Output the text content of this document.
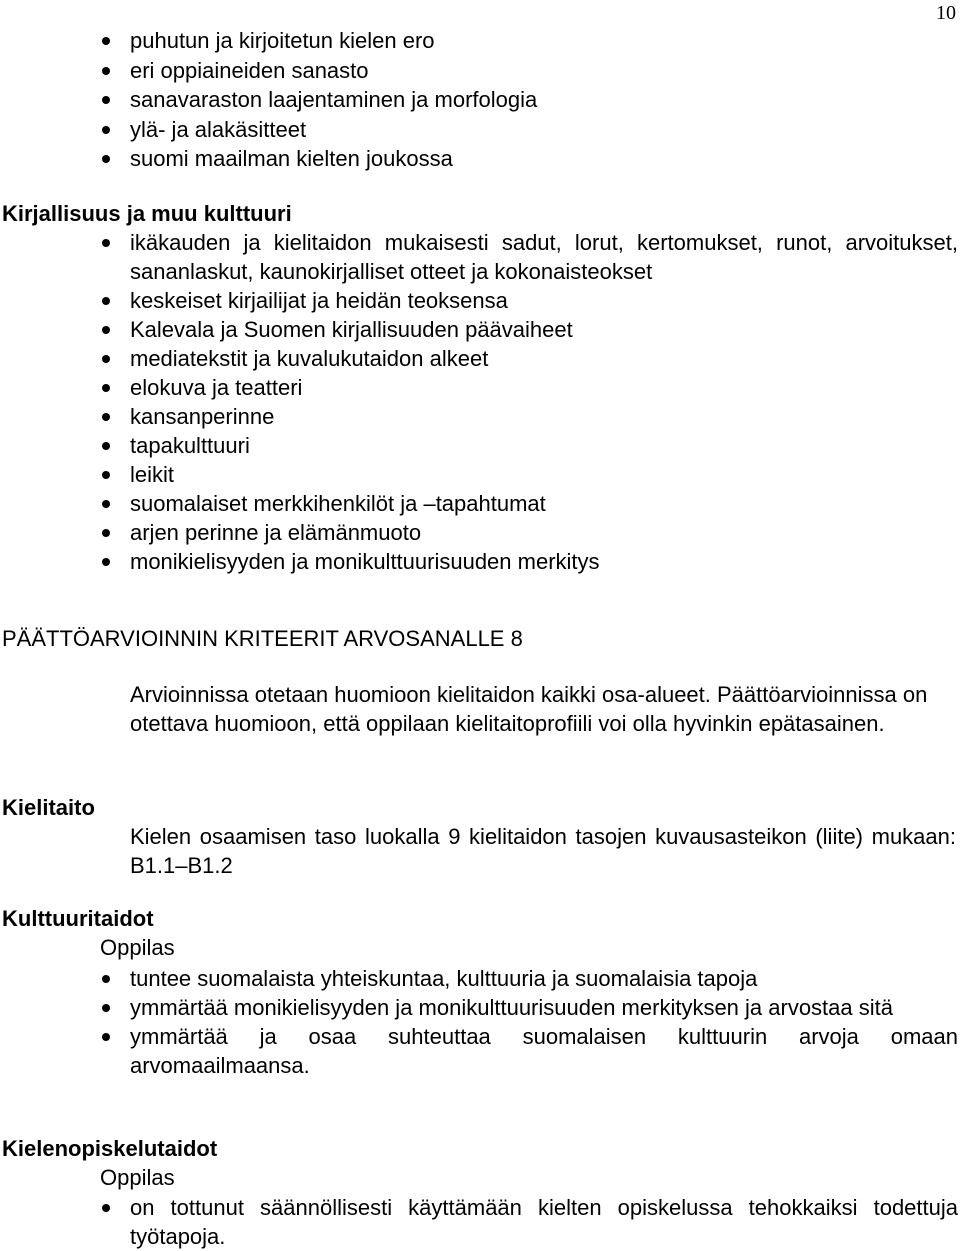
10

puhutun ja kirjoitetun kielen ero
eri oppiaineiden sanasto
sanavaraston laajentaminen ja morfologia
ylä- ja alakäsitteet
suomi maailman kielten joukossa

Kirjallisuus ja muu kulttuuri

ikäkauden ja kielitaidon mukaisesti sadut, lorut, kertomukset, runot, arvoitukset, sananlaskut, kaunokirjalliset otteet ja kokonaisteokset
keskeiset kirjailijat ja heidän teoksensa
Kalevala ja Suomen kirjallisuuden päävaiheet
mediatekstit ja kuvalukutaidon alkeet
elokuva ja teatteri
kansanperinne
tapakulttuuri
leikit
suomalaiset merkkihenkilöt ja –tapahtumat
arjen perinne ja elämänmuoto
monikielisyyden ja monikulttuurisuuden merkitys

PÄÄTTÖARVIOINNIN KRITEERIT ARVOSANALLE 8

Arvioinnissa otetaan huomioon kielitaidon kaikki osa-alueet. Päättöarvioinnissa on otettava huomioon, että oppilaan kielitaitoprofiili voi olla hyvinkin epätasainen.

Kielitaito

Kielen osaamisen taso luokalla 9 kielitaidon tasojen kuvausasteikon (liite) mukaan: B1.1–B1.2

Kulttuuritaidot

Oppilas

tuntee suomalaista yhteiskuntaa, kulttuuria ja suomalaisia tapoja
ymmärtää monikielisyyden ja monikulttuurisuuden merkityksen ja arvostaa sitä
ymmärtää ja osaa suhteuttaa suomalaisen kulttuurin arvoja omaan arvomaailmaansa.

Kielenopiskelutaidot

Oppilas

on tottunut säännöllisesti käyttämään kielten opiskelussa tehokkaiksi todettuja työtapoja.
